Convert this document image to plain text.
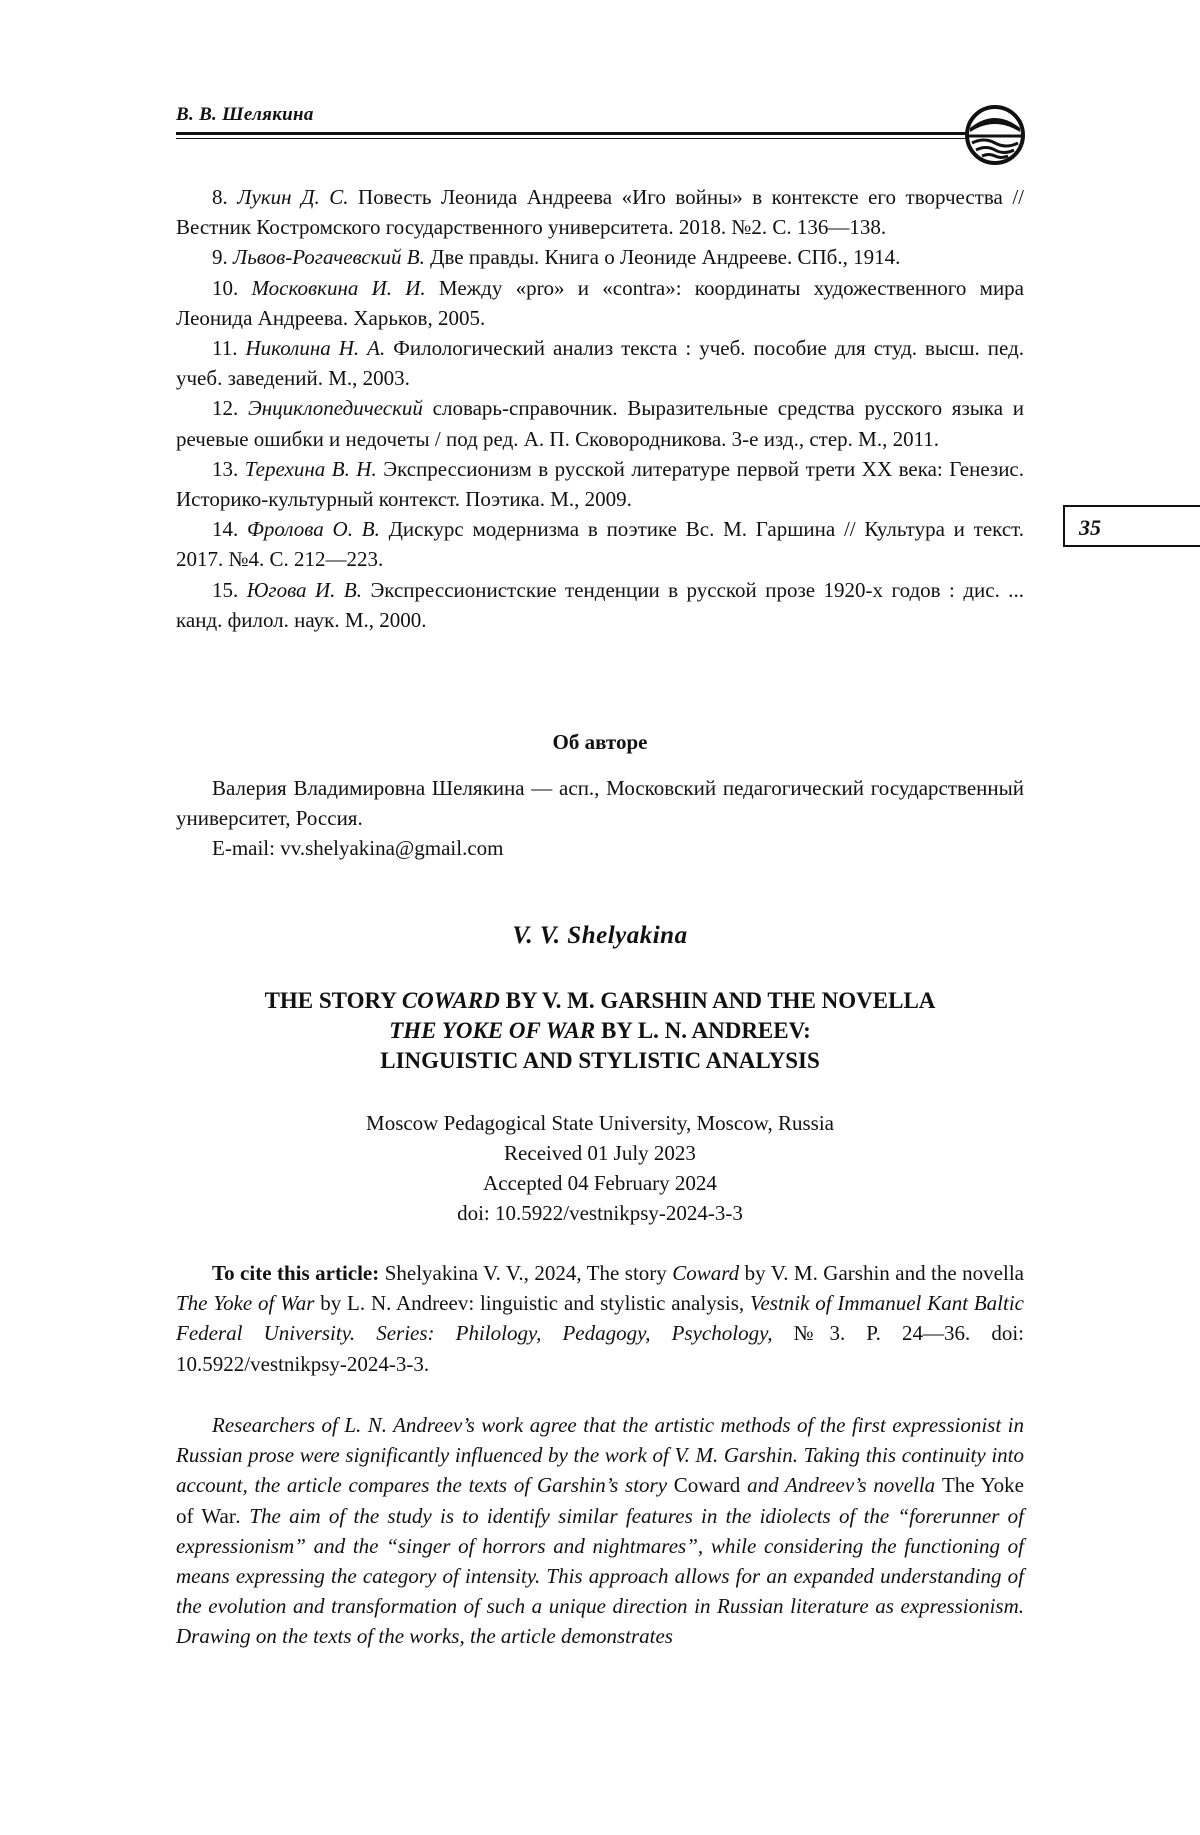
В. В. Шелякина
35

8. Лукин Д. С. Повесть Леонида Андреева «Иго войны» в контексте его творчества // Вестник Костромского государственного университета. 2018. №2. С. 136—138.

9. Львов-Рогачевский В. Две правды. Книга о Леониде Андрееве. СПб., 1914.

10. Московкина И. И. Между «pro» и «contra»: координаты художественного мира Леонида Андреева. Харьков, 2005.

11. Николина Н. А. Филологический анализ текста : учеб. пособие для студ. высш. пед. учеб. заведений. М., 2003.

12. Энциклопедический словарь-справочник. Выразительные средства русского языка и речевые ошибки и недочеты / под ред. А. П. Сковородникова. 3-е изд., стер. М., 2011.

13. Терехина В. Н. Экспрессионизм в русской литературе первой трети XX века: Генезис. Историко-культурный контекст. Поэтика. М., 2009.

14. Фролова О. В. Дискурс модернизма в поэтике Вс. М. Гаршина // Культура и текст. 2017. №4. С. 212—223.

15. Югова И. В. Экспрессионистские тенденции в русской прозе 1920-х годов : дис. ... канд. филол. наук. М., 2000.

Об авторе

Валерия Владимировна Шелякина — асп., Московский педагогический государственный университет, Россия.

E-mail: vv.shelyakina@gmail.com

V. V. Shelyakina
THE STORY COWARD BY V. M. GARSHIN AND THE NOVELLA
THE YOKE OF WAR BY L. N. ANDREEV:
LINGUISTIC AND STYLISTIC ANALYSIS
Moscow Pedagogical State University, Moscow, Russia
Received 01 July 2023
Accepted 04 February 2024
doi: 10.5922/vestnikpsy-2024-3-3
To cite this article: Shelyakina V. V., 2024, The story Coward by V. M. Garshin and the novella The Yoke of War by L. N. Andreev: linguistic and stylistic analysis, Vestnik of Immanuel Kant Baltic Federal University. Series: Philology, Pedagogy, Psychology, №3. P. 24—36. doi: 10.5922/vestnikpsy-2024-3-3.
Researchers of L. N. Andreev’s work agree that the artistic methods of the first expressionist in Russian prose were significantly influenced by the work of V. M. Garshin. Taking this continuity into account, the article compares the texts of Garshin’s story Coward and Andreev’s novella The Yoke of War. The aim of the study is to identify similar features in the idiolects of the “forerunner of expressionism” and the “singer of horrors and nightmares”, while considering the functioning of means expressing the category of intensity. This approach allows for an expanded understanding of the evolution and transformation of such a unique direction in Russian literature as expressionism. Drawing on the texts of the works, the article demonstrates
